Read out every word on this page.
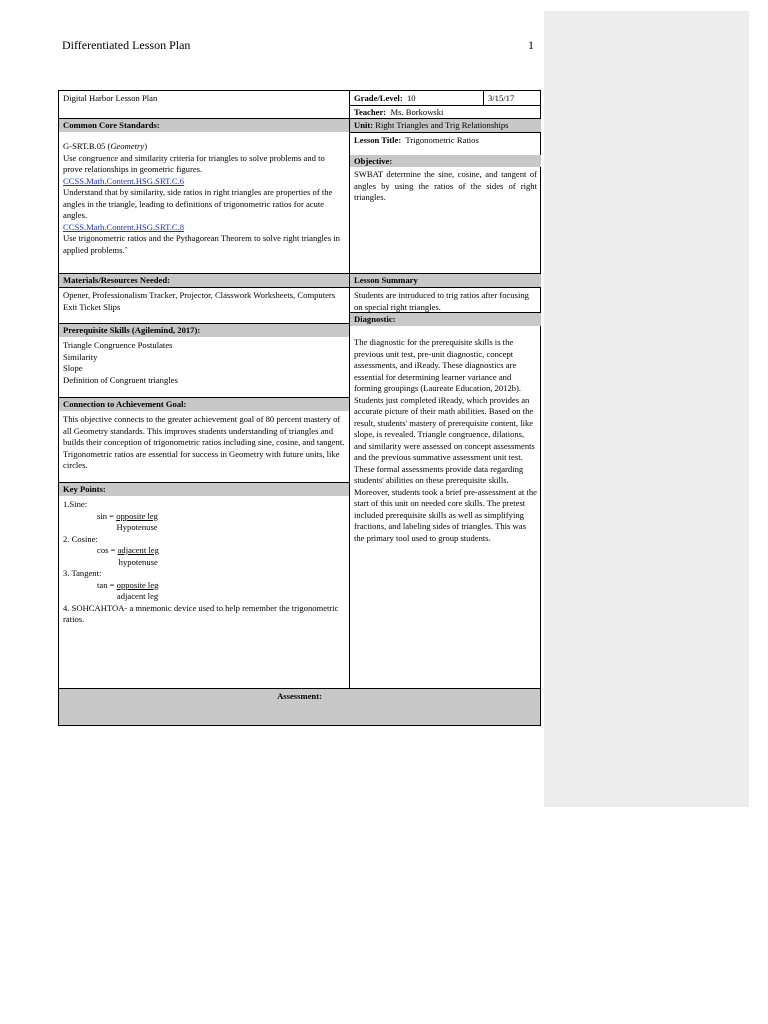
Differentiated Lesson Plan	1
Digital Harbor Lesson Plan	Grade/Level: 10	3/15/17
Teacher: Ms. Borkowski
Common Core Standards:	Unit: Right Triangles and Trig Relationships
G-SRT.B.05 (Geometry)
Use congruence and similarity criteria for triangles to solve problems and to prove relationships in geometric figures.
CCSS.Math.Content.HSG.SRT.C.6
Understand that by similarity, side ratios in right triangles are properties of the angles in the triangle, leading to definitions of trigonometric ratios for acute angles.
CCSS.Math.Content.HSG.SRT.C.8
Use trigonometric ratios and the Pythagorean Theorem to solve right triangles in applied problems.ˆ
Lesson Title: Trigonometric Ratios
Objective:
SWBAT determine the sine, cosine, and tangent of angles by using the ratios of the sides of right triangles.
Materials/Resources Needed:	Lesson Summary
Opener, Professionalism Tracker, Projector, Classwork Worksheets, Computers Exit Ticket Slips
Students are introduced to trig ratios after focusing on special right triangles.
Diagnostic:
The diagnostic for the prerequisite skills is the previous unit test, pre-unit diagnostic, concept assessments, and iReady. These diagnostics are essential for determining learner variance and forming groupings (Laureate Education, 2012b). Students just completed iReady, which provides an accurate picture of their math abilities. Based on the result, students' mastery of prerequisite content, like slope, is revealed. Triangle congruence, dilations, and similarity were assessed on concept assessments and the previous summative assessment unit test. These formal assessments provide data regarding students' abilities on these prerequisite skills. Moreover, students took a brief pre-assessment at the start of this unit on needed core skills. The pretest included prerequisite skills as well as simplifying fractions, and labeling sides of triangles. This was the primary tool used to group students.
Prerequisite Skills (Agilemind, 2017):
Triangle Congruence Postulates
Similarity
Slope
Definition of Congruent triangles
Connection to Achievement Goal:
This objective connects to the greater achievement goal of 80 percent mastery of all Geometry standards. This improves students understanding of triangles and builds their conception of trigonometric ratios including sine, cosine, and tangent. Trigonometric ratios are essential for success in Geometry with future units, like circles.
Key Points:
1.Sine:
$\sin = \frac{\text{opposite leg}}{\text{Hypotenuse}}$
2. Cosine:
$\cos = \frac{\text{adjacent leg}}{\text{hypotenuse}}$
3. Tangent:
$\tan = \frac{\text{opposite leg}}{\text{adjacent leg}}$
4. SOHCAHTOA- a mnemonic device used to help remember the trigonometric ratios.
Assessment:
